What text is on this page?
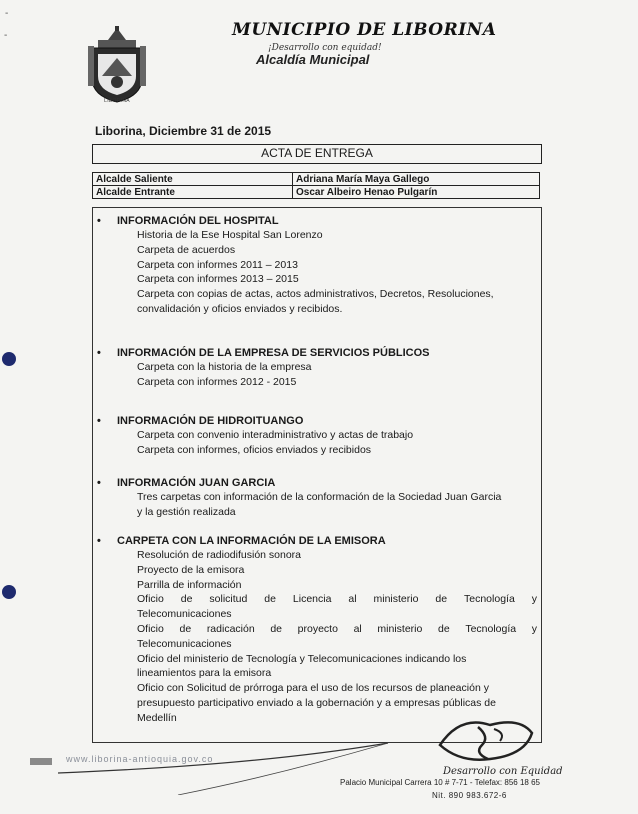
LIBORINA
MUNICIPIO DE LIBORINA
¡Desarrollo con equidad!
Alcaldía Municipal
Liborina, Diciembre 31 de 2015
ACTA DE ENTREGA
Alcalde Saliente	Adriana María Maya Gallego
Alcalde Entrante	Oscar Albeiro Henao Pulgarín
• INFORMACIÓN DEL HOSPITAL
Historia de la Ese Hospital San Lorenzo
Carpeta de acuerdos
Carpeta con informes 2011 – 2013
Carpeta con informes 2013 – 2015
Carpeta con copias de actas, actos administrativos, Decretos, Resoluciones,
convalidación y oficios enviados y recibidos.
• INFORMACIÓN DE LA EMPRESA DE SERVICIOS PÚBLICOS
Carpeta con la historia de la empresa
Carpeta con informes 2012 - 2015
• INFORMACIÓN DE HIDROITUANGO
Carpeta con convenio interadministrativo y actas de trabajo
Carpeta con informes, oficios enviados y recibidos
• INFORMACIÓN JUAN GARCIA
Tres carpetas con información de la conformación de la Sociedad Juan Garcia
y la gestión realizada
• CARPETA CON LA INFORMACIÓN DE LA EMISORA
Resolución de radiodifusión sonora
Proyecto de la emisora
Parrilla de información
Oficio de solicitud de Licencia al ministerio de Tecnología y
Telecomunicaciones
Oficio de radicación de proyecto al ministerio de Tecnología y
Telecomunicaciones
Oficio del ministerio de Tecnología y Telecomunicaciones indicando los
lineamientos para la emisora
Oficio con Solicitud de prórroga para el uso de los recursos de planeación y
presupuesto participativo enviado a la gobernación y a empresas públicas de
Medellín
www.liborina-antioquia.gov.co
Desarrollo con Equidad
Palacio Municipal Carrera 10 # 7-71 - Telefax: 856 18 65
Nit. 890 983.672-6
‐
‐
